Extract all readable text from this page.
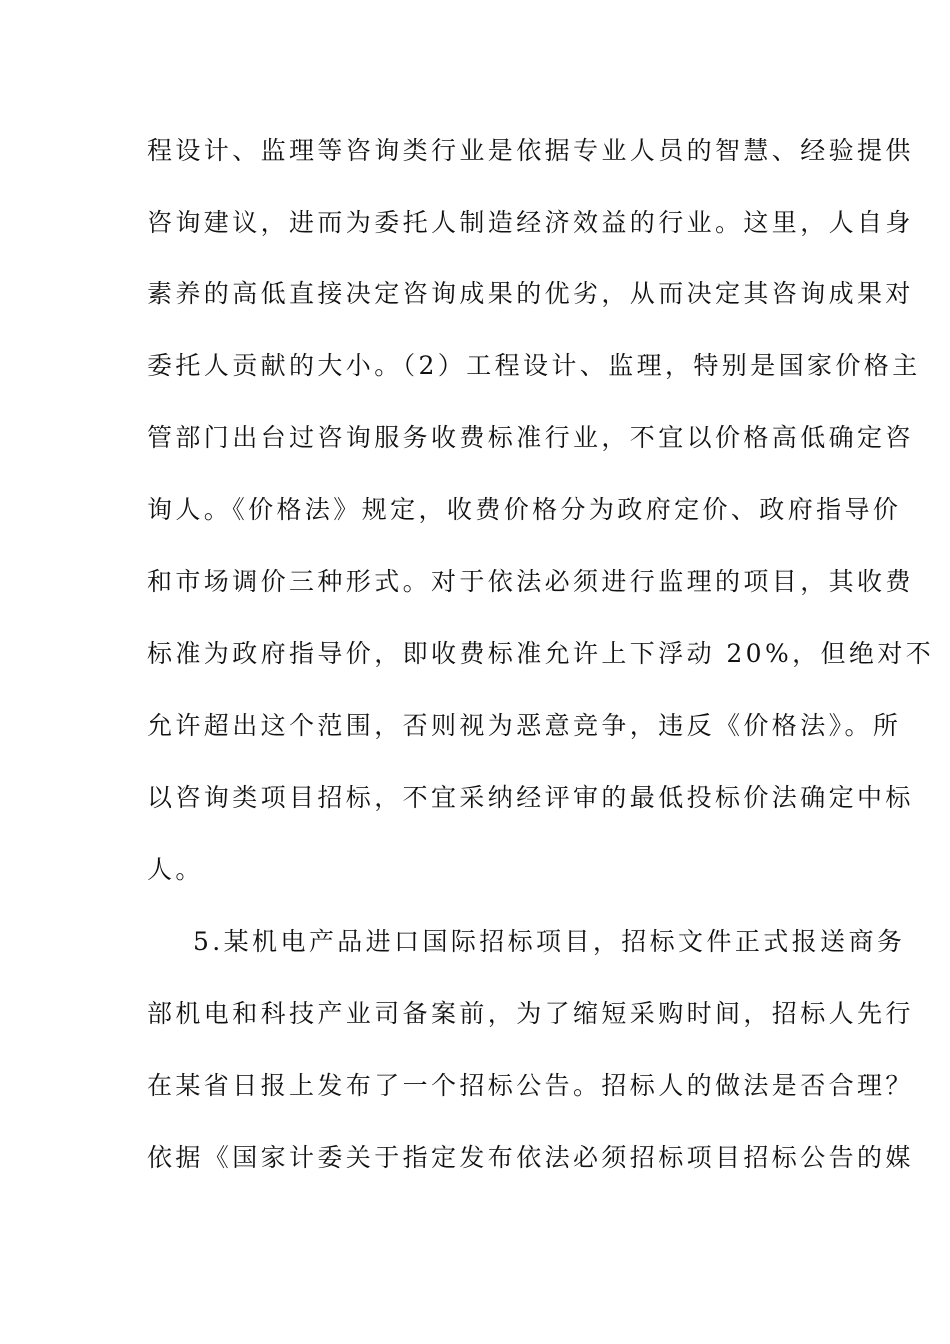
程设计、监理等咨询类行业是依据专业人员的智慧、经验提供
咨询建议，进而为委托人制造经济效益的行业。这里，人自身
素养的高低直接决定咨询成果的优劣，从而决定其咨询成果对
委托人贡献的大小。（2）工程设计、监理，特别是国家价格主
管部门出台过咨询服务收费标准行业，不宜以价格高低确定咨
询人。《价格法》规定，收费价格分为政府定价、政府指导价
和市场调价三种形式。对于依法必须进行监理的项目，其收费
标准为政府指导价，即收费标准允许上下浮动 20%，但绝对不
允许超出这个范围，否则视为恶意竞争，违反《价格法》。所
以咨询类项目招标，不宜采纳经评审的最低投标价法确定中标
人。
5.某机电产品进口国际招标项目，招标文件正式报送商务
部机电和科技产业司备案前，为了缩短采购时间，招标人先行
在某省日报上发布了一个招标公告。招标人的做法是否合理？
依据《国家计委关于指定发布依法必须招标项目招标公告的媒
